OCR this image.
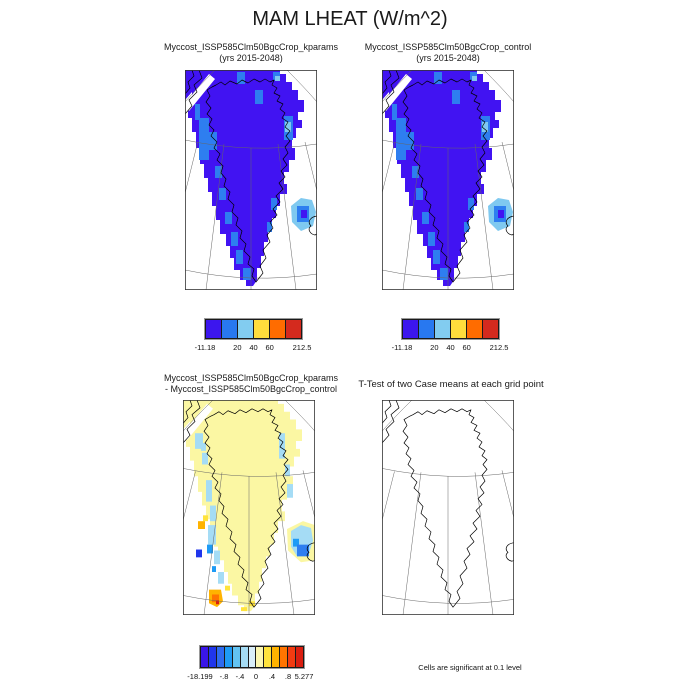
MAM LHEAT (W/m^2)
Myccost_ISSP585Clm50BgcCrop_kparams
(yrs 2015-2048)
Myccost_ISSP585Clm50BgcCrop_control
(yrs 2015-2048)
-11.18 20 40 60	212.5	-11.18 20 40 60	212.5
Myccost_ISSP585Clm50BgcCrop_kparams
- Myccost_ISSP585Clm50BgcCrop_control	T-Test of two Case means at each grid point
-18.199 -.8 -.4 0 .4 .8 5.277
Cells are significant at 0.1 level
